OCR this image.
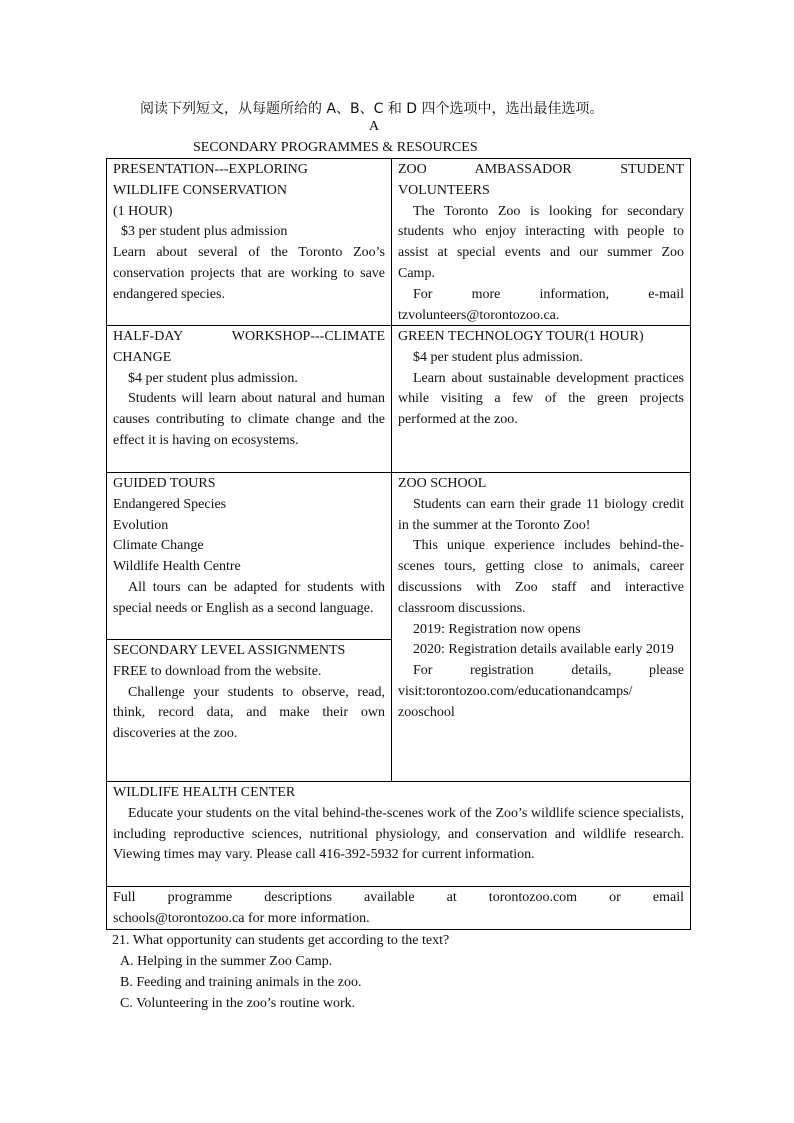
阅读下列短文，从每题所给的 A、B、C 和 D 四个选项中，选出最佳选项。
A
SECONDARY PROGRAMMES & RESOURCES
PRESENTATION---EXPLORING
WILDLIFE CONSERVATION
(1 HOUR)
$3 per student plus admission
Learn about several of the Toronto Zoo’s conservation projects that are working to save endangered species.
ZOO AMBASSADOR STUDENT
VOLUNTEERS
The Toronto Zoo is looking for secondary students who enjoy interacting with people to assist at special events and our summer Zoo Camp.
For more information, e-mail
tzvolunteers@torontozoo.ca.
HALF-DAY WORKSHOP---CLIMATE
CHANGE
$4 per student plus admission.
Students will learn about natural and human causes contributing to climate change and the effect it is having on ecosystems.
GREEN TECHNOLOGY TOUR(1 HOUR)
$4 per student plus admission.
Learn about sustainable development practices while visiting a few of the green projects performed at the zoo.
GUIDED TOURS
Endangered Species
Evolution
Climate Change
Wildlife Health Centre
All tours can be adapted for students with special needs or English as a second language.
SECONDARY LEVEL ASSIGNMENTS
FREE to download from the website.
Challenge your students to observe, read, think, record data, and make their own discoveries at the zoo.
ZOO SCHOOL
Students can earn their grade 11 biology credit in the summer at the Toronto Zoo!
This unique experience includes behind-the-scenes tours, getting close to animals, career discussions with Zoo staff and interactive classroom discussions.
2019: Registration now opens
2020: Registration details available early 2019
For registration details, please
visit:torontozoo.com/educationandcamps/
zooschool
WILDLIFE HEALTH CENTER
Educate your students on the vital behind-the-scenes work of the Zoo’s wildlife science specialists, including reproductive sciences, nutritional physiology, and conservation and wildlife research. Viewing times may vary. Please call 416-392-5932 for current information.
Full programme descriptions available at torontozoo.com or email
schools@torontozoo.ca for more information.
21. What opportunity can students get according to the text?
A. Helping in the summer Zoo Camp.
B. Feeding and training animals in the zoo.
C. Volunteering in the zoo’s routine work.
